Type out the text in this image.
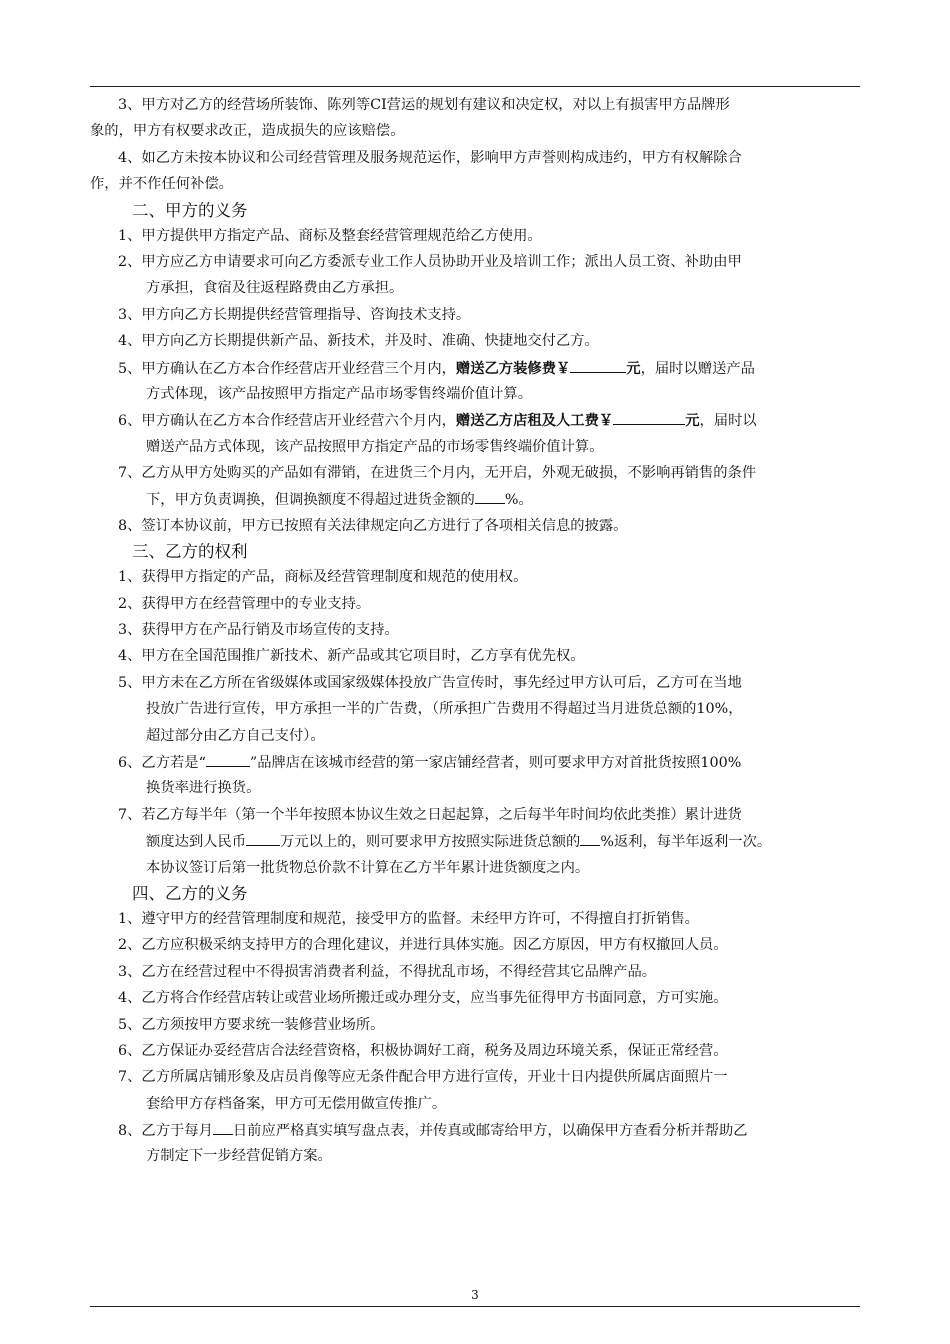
3、甲方对乙方的经营场所装饰、陈列等CI营运的规划有建议和决定权，对以上有损害甲方品牌形
象的，甲方有权要求改正，造成损失的应该赔偿。
4、如乙方未按本协议和公司经营管理及服务规范运作，影响甲方声誉则构成违约，甲方有权解除合
作，并不作任何补偿。
二、甲方的义务
1、甲方提供甲方指定产品、商标及整套经营管理规范给乙方使用。
2、甲方应乙方申请要求可向乙方委派专业工作人员协助开业及培训工作；派出人员工资、补助由甲
方承担，食宿及往返程路费由乙方承担。
3、甲方向乙方长期提供经营管理指导、咨询技术支持。
4、甲方向乙方长期提供新产品、新技术，并及时、准确、快捷地交付乙方。
5、甲方确认在乙方本合作经营店开业经营三个月内，赠送乙方装修费￥	元，届时以赠送产品
方式体现，该产品按照甲方指定产品市场零售终端价值计算。
6、甲方确认在乙方本合作经营店开业经营六个月内，赠送乙方店租及人工费￥	元，届时以
赠送产品方式体现，该产品按照甲方指定产品的市场零售终端价值计算。
7、乙方从甲方处购买的产品如有滞销，在进货三个月内，无开启，外观无破损，不影响再销售的条件
下，甲方负责调换，但调换额度不得超过进货金额的 %。
8、签订本协议前，甲方已按照有关法律规定向乙方进行了各项相关信息的披露。
三、乙方的权利
1、获得甲方指定的产品，商标及经营管理制度和规范的使用权。
2、获得甲方在经营管理中的专业支持。
3、获得甲方在产品行销及市场宣传的支持。
4、甲方在全国范围推广新技术、新产品或其它项目时，乙方享有优先权。
5、甲方未在乙方所在省级媒体或国家级媒体投放广告宣传时，事先经过甲方认可后，乙方可在当地
投放广告进行宣传，甲方承担一半的广告费，（所承担广告费用不得超过当月进货总额的10%，
超过部分由乙方自己支付）。
6、乙方若是“	”品牌店在该城市经营的第一家店铺经营者，则可要求甲方对首批货按照100%
换货率进行换货。
7、若乙方每半年（第一个半年按照本协议生效之日起起算，之后每半年时间均依此类推）累计进货
额度达到人民币 万元以上的，则可要求甲方按照实际进货总额的 %返利，每半年返利一次。
本协议签订后第一批货物总价款不计算在乙方半年累计进货额度之内。
四、乙方的义务
1、遵守甲方的经营管理制度和规范，接受甲方的监督。未经甲方许可，不得擅自打折销售。
2、乙方应积极采纳支持甲方的合理化建议，并进行具体实施。因乙方原因，甲方有权撤回人员。
3、乙方在经营过程中不得损害消费者利益，不得扰乱市场，不得经营其它品牌产品。
4、乙方将合作经营店转让或营业场所搬迁或办理分支，应当事先征得甲方书面同意，方可实施。
5、乙方须按甲方要求统一装修营业场所。
6、乙方保证办妥经营店合法经营资格，积极协调好工商，税务及周边环境关系，保证正常经营。
7、乙方所属店铺形象及店员肖像等应无条件配合甲方进行宣传，开业十日内提供所属店面照片一
套给甲方存档备案，甲方可无偿用做宣传推广。
8、乙方于每月 日前应严格真实填写盘点表，并传真或邮寄给甲方，以确保甲方查看分析并帮助乙
方制定下一步经营促销方案。
3
